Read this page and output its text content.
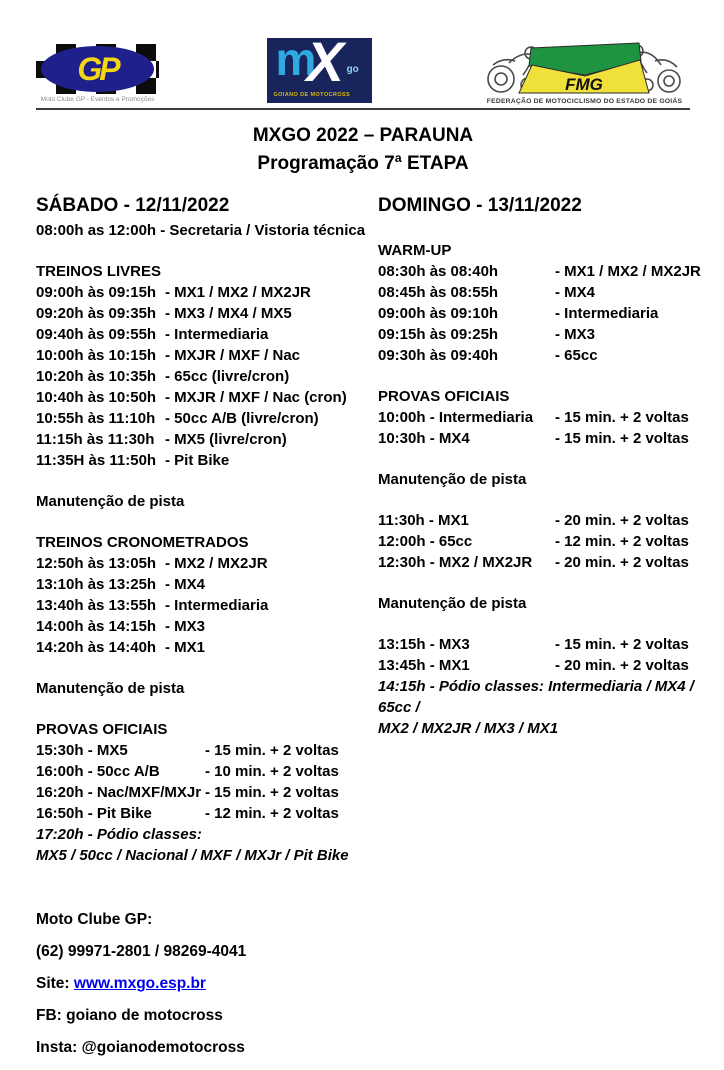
GP
Moto Clube GP - Eventos e Promoções
m
X go
GOIANO DE MOTOCROSS
FMG
FEDERAÇÃO DE MOTOCICLISMO DO ESTADO DE GOIÁS
MXGO 2022 – PARAUNA
Programação 7ª ETAPA
SÁBADO - 12/11/2022
08:00h as 12:00h - Secretaria / Vistoria técnica
TREINOS LIVRES
09:00h às 09:15h - MX1 / MX2 / MX2JR
09:20h às 09:35h - MX3 / MX4 / MX5
09:40h às 09:55h - Intermediaria
10:00h às 10:15h - MXJR / MXF / Nac
10:20h às 10:35h - 65cc (livre/cron)
10:40h às 10:50h - MXJR / MXF / Nac (cron)
10:55h às 11:10h - 50cc A/B (livre/cron)
11:15h às 11:30h - MX5 (livre/cron)
11:35H às 11:50h - Pit Bike
Manutenção de pista
TREINOS CRONOMETRADOS
12:50h às 13:05h - MX2 / MX2JR
13:10h às 13:25h - MX4
13:40h às 13:55h - Intermediaria
14:00h às 14:15h - MX3
14:20h às 14:40h - MX1
Manutenção de pista
PROVAS OFICIAIS
15:30h - MX5	- 15 min. + 2 voltas
16:00h - 50cc A/B	- 10 min. + 2 voltas
16:20h - Nac/MXF/MXJr - 15 min. + 2 voltas
16:50h - Pit Bike	- 12 min. + 2 voltas
17:20h - Pódio classes:
MX5 / 50cc / Nacional / MXF / MXJr / Pit Bike
Moto Clube GP:
(62) 99971-2801 / 98269-4041
Site: www.mxgo.esp.br
FB: goiano de motocross
Insta: @goianodemotocross
DOMINGO - 13/11/2022
WARM-UP
08:30h às 08:40h	- MX1 / MX2 / MX2JR
08:45h às 08:55h	- MX4
09:00h às 09:10h	- Intermediaria
09:15h às 09:25h	- MX3
09:30h às 09:40h	- 65cc
PROVAS OFICIAIS
10:00h - Intermediaria	- 15 min. + 2 voltas
10:30h - MX4	- 15 min. + 2 voltas
Manutenção de pista
11:30h - MX1	- 20 min. + 2 voltas
12:00h - 65cc	- 12 min. + 2 voltas
12:30h - MX2 / MX2JR	- 20 min. + 2 voltas
Manutenção de pista
13:15h - MX3	- 15 min. + 2 voltas
13:45h - MX1	- 20 min. + 2 voltas
14:15h - Pódio classes: Intermediaria / MX4 / 65cc /
MX2 / MX2JR / MX3 / MX1
